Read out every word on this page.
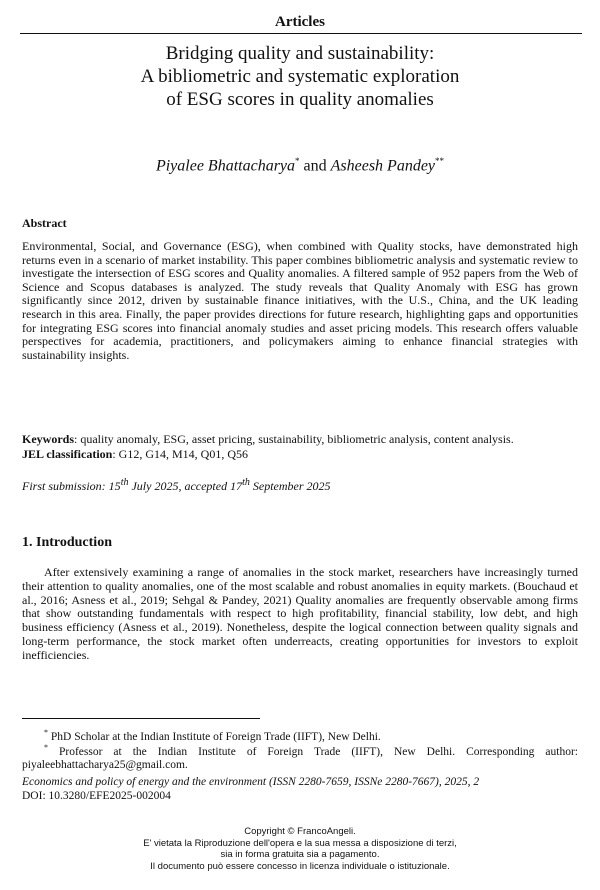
Articles
Bridging quality and sustainability:
A bibliometric and systematic exploration
of ESG scores in quality anomalies
Piyalee Bhattacharya* and Asheesh Pandey**
Abstract

Environmental, Social, and Governance (ESG), when combined with Quality stocks, have demonstrated high returns even in a scenario of market instability. This paper combines bibliometric analysis and systematic review to investigate the intersection of ESG scores and Quality anomalies. A filtered sample of 952 papers from the Web of Science and Scopus databases is analyzed. The study reveals that Quality Anomaly with ESG has grown significantly since 2012, driven by sustainable finance initiatives, with the U.S., China, and the UK leading research in this area. Finally, the paper provides directions for future research, highlighting gaps and opportunities for integrating ESG scores into financial anomaly studies and asset pricing models. This research offers valuable perspectives for academia, practitioners, and policymakers aiming to enhance financial strategies with sustainability insights.

Keywords: quality anomaly, ESG, asset pricing, sustainability, bibliometric analysis, content analysis.

JEL classification: G12, G14, M14, Q01, Q56

First submission: 15th July 2025, accepted 17th September 2025

1. Introduction

After extensively examining a range of anomalies in the stock market, researchers have increasingly turned their attention to quality anomalies, one of the most scalable and robust anomalies in equity markets. (Bouchaud et al., 2016; Asness et al., 2019; Sehgal & Pandey, 2021) Quality anomalies are frequently observable among firms that show outstanding fundamentals with respect to high profitability, financial stability, low debt, and high business efficiency (Asness et al., 2019). Nonetheless, despite the logical connection between quality signals and long-term performance, the stock market often underreacts, creating opportunities for investors to exploit inefficiencies.

* PhD Scholar at the Indian Institute of Foreign Trade (IIFT), New Delhi.

* Professor at the Indian Institute of Foreign Trade (IIFT), New Delhi. Corresponding author: piyaleebhattacharya25@gmail.com.

Economics and policy of energy and the environment (ISSN 2280-7659, ISSNe 2280-7667), 2025, 2
DOI: 10.3280/EFE2025-002004
Copyright © FrancoAngeli.
E' vietata la Riproduzione dell'opera e la sua messa a disposizione di terzi,
sia in forma gratuita sia a pagamento.
Il documento può essere concesso in licenza individuale o istituzionale.
